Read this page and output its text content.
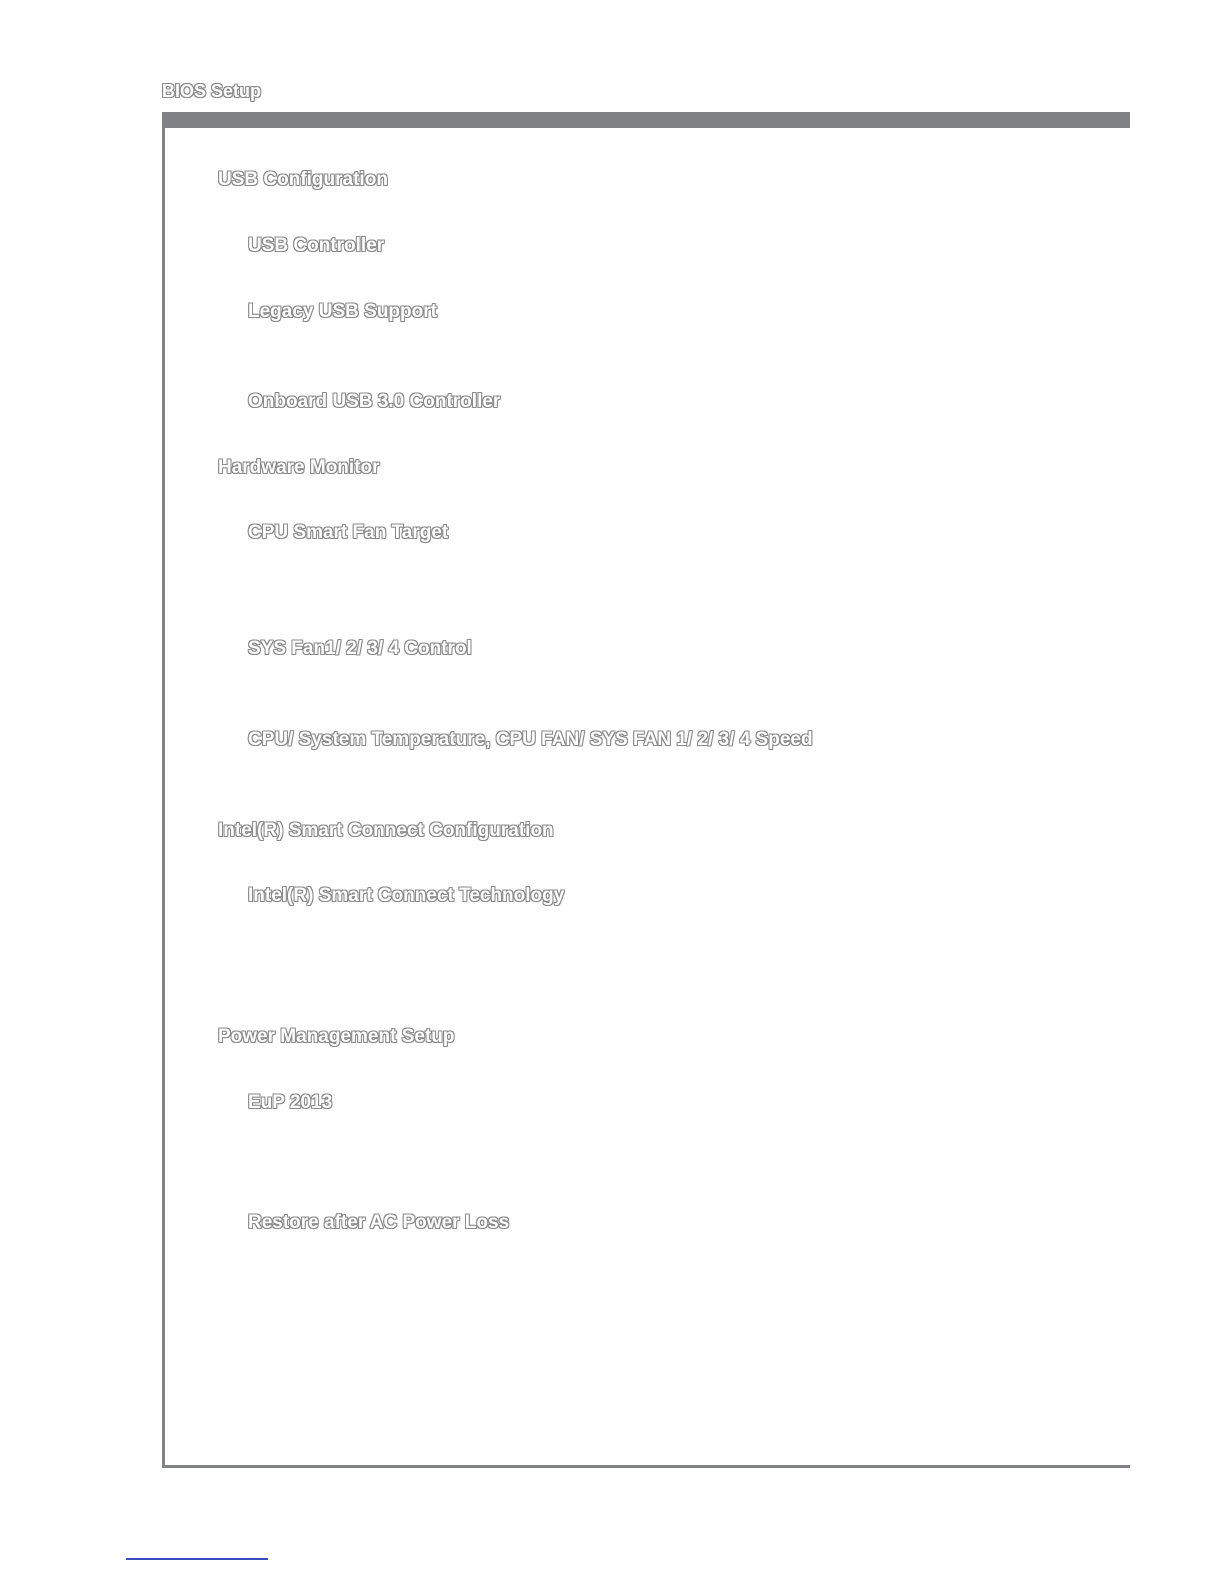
BIOS Setup
USB Configuration
USB Controller
Legacy USB Support
Onboard USB 3.0 Controller
Hardware Monitor
CPU Smart Fan Target
SYS Fan1/ 2/ 3/ 4 Control
CPU/ System Temperature, CPU FAN/ SYS FAN 1/ 2/ 3/ 4 Speed
Intel(R) Smart Connect Configuration
Intel(R) Smart Connect Technology
Power Management Setup
EuP 2013
Restore after AC Power Loss
